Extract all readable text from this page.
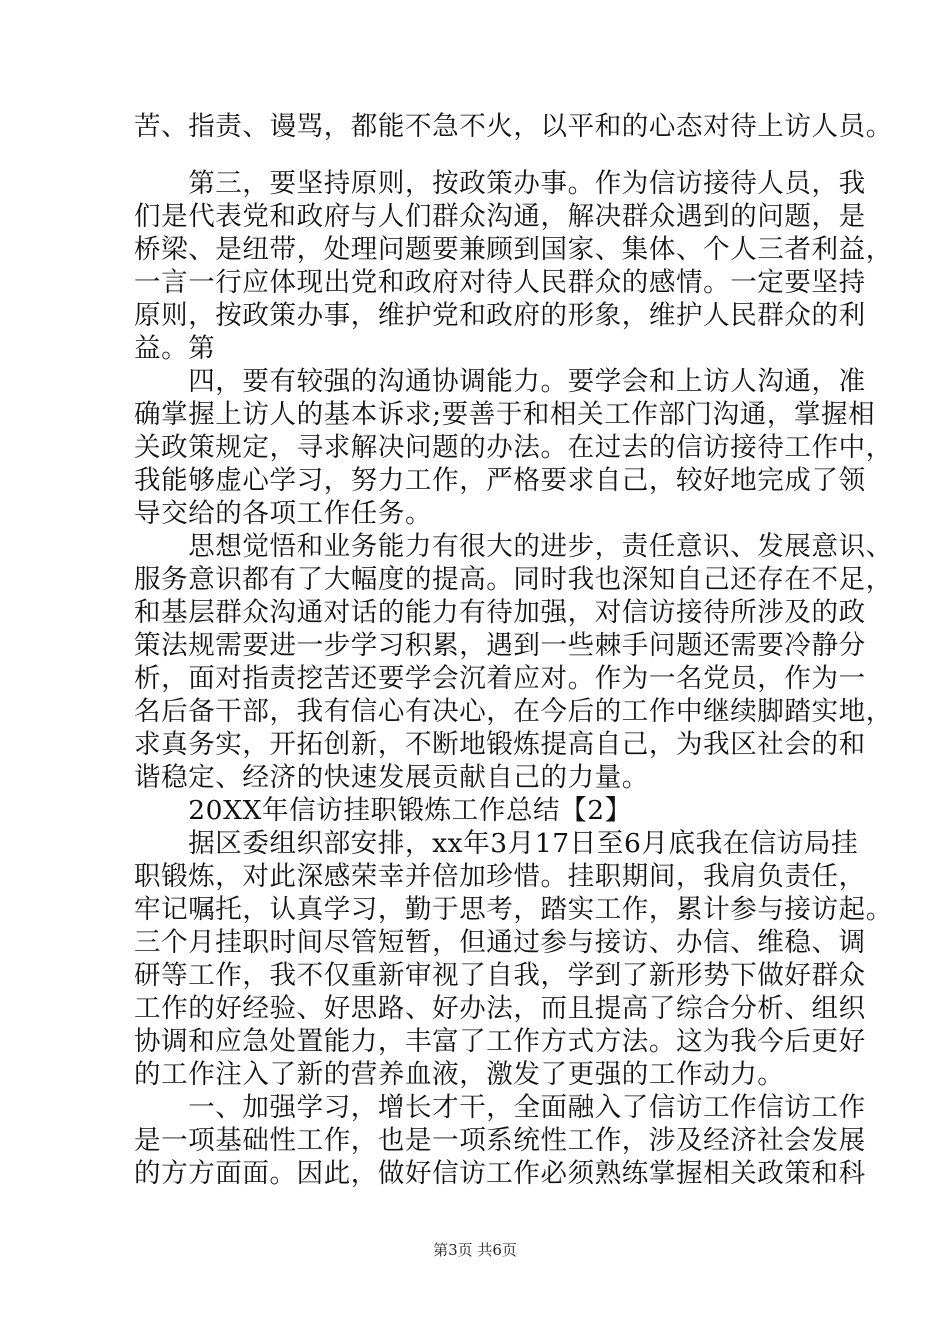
苦、指责、谩骂，都能不急不火，以平和的心态对待上访人员。
　　第三，要坚持原则，按政策办事。作为信访接待人员，我
们是代表党和政府与人们群众沟通，解决群众遇到的问题，是
桥梁、是纽带，处理问题要兼顾到国家、集体、个人三者利益，
一言一行应体现出党和政府对待人民群众的感情。一定要坚持
原则，按政策办事，维护党和政府的形象，维护人民群众的利
益。第
　　四，要有较强的沟通协调能力。要学会和上访人沟通，准
确掌握上访人的基本诉求;要善于和相关工作部门沟通，掌握相
关政策规定，寻求解决问题的办法。在过去的信访接待工作中，
我能够虚心学习，努力工作，严格要求自己，较好地完成了领
导交给的各项工作任务。
　　思想觉悟和业务能力有很大的进步，责任意识、发展意识、
服务意识都有了大幅度的提高。同时我也深知自己还存在不足，
和基层群众沟通对话的能力有待加强，对信访接待所涉及的政
策法规需要进一步学习积累，遇到一些棘手问题还需要冷静分
析，面对指责挖苦还要学会沉着应对。作为一名党员，作为一
名后备干部，我有信心有决心，在今后的工作中继续脚踏实地，
求真务实，开拓创新，不断地锻炼提高自己，为我区社会的和
谐稳定、经济的快速发展贡献自己的力量。
　　20XX年信访挂职锻炼工作总结【2】
　　据区委组织部安排，xx年3月17日至6月底我在信访局挂
职锻炼，对此深感荣幸并倍加珍惜。挂职期间，我肩负责任，
牢记嘱托，认真学习，勤于思考，踏实工作，累计参与接访起。
三个月挂职时间尽管短暂，但通过参与接访、办信、维稳、调
研等工作，我不仅重新审视了自我，学到了新形势下做好群众
工作的好经验、好思路、好办法，而且提高了综合分析、组织
协调和应急处置能力，丰富了工作方式方法。这为我今后更好
的工作注入了新的营养血液，激发了更强的工作动力。
　　一、加强学习，增长才干，全面融入了信访工作信访工作
是一项基础性工作，也是一项系统性工作，涉及经济社会发展
的方方面面。因此，做好信访工作必须熟练掌握相关政策和科
第3页 共6页
